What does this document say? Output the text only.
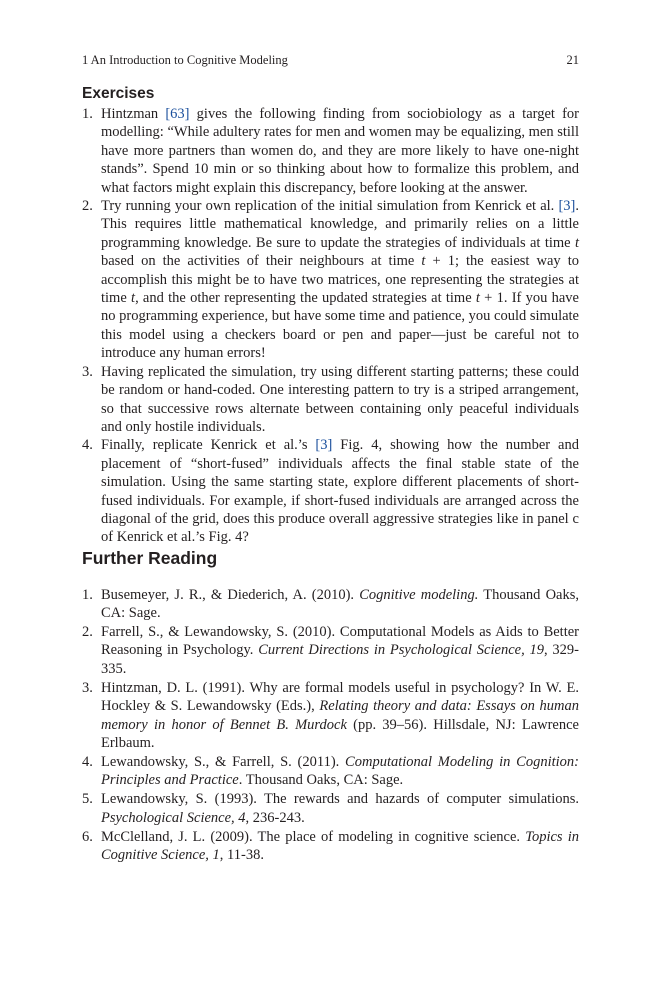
1 An Introduction to Cognitive Modeling	21
Exercises
1. Hintzman [63] gives the following finding from sociobiology as a target for modelling: “While adultery rates for men and women may be equalizing, men still have more partners than women do, and they are more likely to have one-night stands”. Spend 10 min or so thinking about how to formalize this problem, and what factors might explain this discrepancy, before looking at the answer.
2. Try running your own replication of the initial simulation from Kenrick et al. [3]. This requires little mathematical knowledge, and primarily relies on a little programming knowledge. Be sure to update the strategies of individuals at time t based on the activities of their neighbours at time t + 1; the easiest way to accomplish this might be to have two matrices, one representing the strategies at time t, and the other representing the updated strategies at time t + 1. If you have no programming experience, but have some time and patience, you could simulate this model using a checkers board or pen and paper—just be careful not to introduce any human errors!
3. Having replicated the simulation, try using different starting patterns; these could be random or hand-coded. One interesting pattern to try is a striped arrangement, so that successive rows alternate between containing only peaceful individuals and only hostile individuals.
4. Finally, replicate Kenrick et al.’s [3] Fig. 4, showing how the number and placement of “short-fused” individuals affects the final stable state of the simulation. Using the same starting state, explore different placements of short-fused individuals. For example, if short-fused individuals are arranged across the diagonal of the grid, does this produce overall aggressive strategies like in panel c of Kenrick et al.’s Fig. 4?
Further Reading
1. Busemeyer, J. R., & Diederich, A. (2010). Cognitive modeling. Thousand Oaks, CA: Sage.
2. Farrell, S., & Lewandowsky, S. (2010). Computational Models as Aids to Better Reasoning in Psychology. Current Directions in Psychological Science, 19, 329-335.
3. Hintzman, D. L. (1991). Why are formal models useful in psychology? In W. E. Hockley & S. Lewandowsky (Eds.), Relating theory and data: Essays on human memory in honor of Bennet B. Murdock (pp. 39–56). Hillsdale, NJ: Lawrence Erlbaum.
4. Lewandowsky, S., & Farrell, S. (2011). Computational Modeling in Cognition: Principles and Practice. Thousand Oaks, CA: Sage.
5. Lewandowsky, S. (1993). The rewards and hazards of computer simulations. Psychological Science, 4, 236-243.
6. McClelland, J. L. (2009). The place of modeling in cognitive science. Topics in Cognitive Science, 1, 11-38.
